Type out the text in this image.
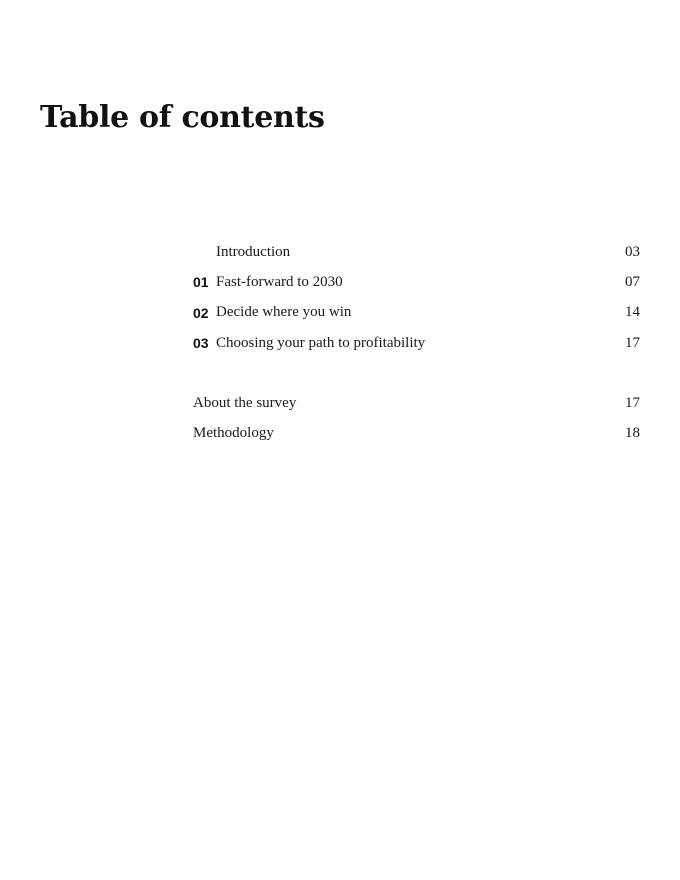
Table of contents
Introduction	03
01 Fast-forward to 2030	07
02 Decide where you win	14
03 Choosing your path to profitability	17
About the survey	17
Methodology	18
